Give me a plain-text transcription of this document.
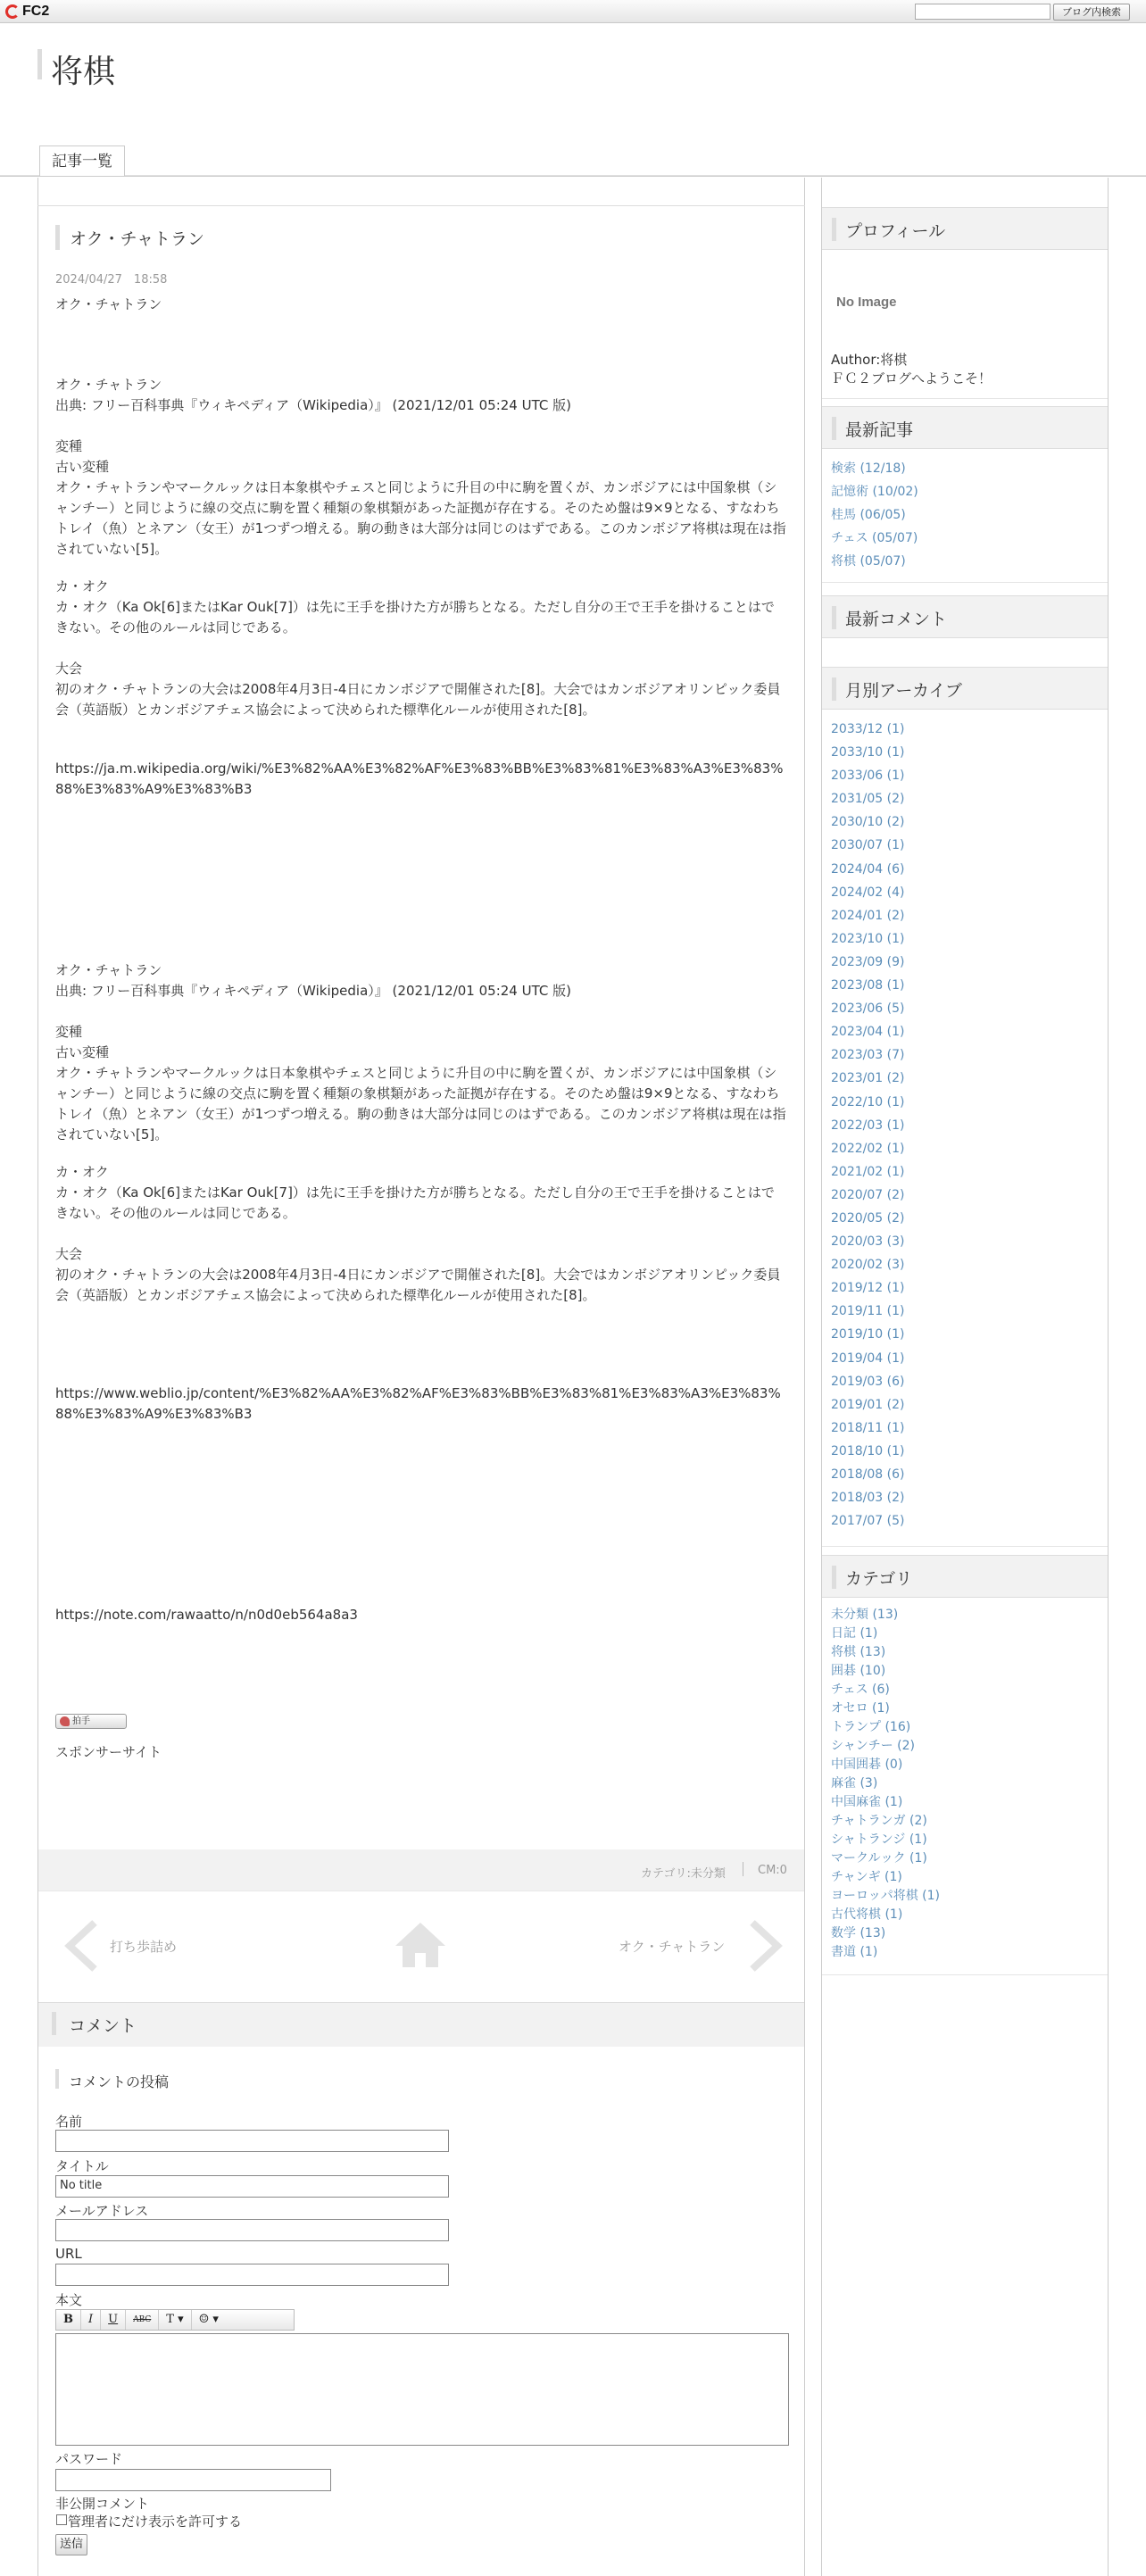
FC2	ブログ内検索
将棋
記事一覧
オク・チャトラン
2024/04/27　18:58
オク・チャトラン
オク・チャトラン
出典: フリー百科事典『ウィキペディア（Wikipedia）』 (2021/12/01 05:24 UTC 版)
変種
古い変種
オク・チャトランやマークルックは日本象棋やチェスと同じように升目の中に駒を置くが、カンボジアには中国象棋（シャンチー）と同じように線の交点に駒を置く種類の象棋類があった証拠が存在する。そのため盤は9×9となる、すなわちトレイ（魚）とネアン（女王）が1つずつ増える。駒の動きは大部分は同じのはずである。このカンボジア将棋は現在は指されていない[5]。
カ・オク
カ・オク（Ka Ok[6]またはKar Ouk[7]）は先に王手を掛けた方が勝ちとなる。ただし自分の王で王手を掛けることはできない。その他のルールは同じである。
大会
初のオク・チャトランの大会は2008年4月3日-4日にカンボジアで開催された[8]。大会ではカンボジアオリンピック委員会（英語版）とカンボジアチェス協会によって決められた標準化ルールが使用された[8]。
https://ja.m.wikipedia.org/wiki/%E3%82%AA%E3%82%AF%E3%83%BB%E3%83%81%E3%83%A3%E3%83%88%E3%83%A9%E3%83%B3
オク・チャトラン
出典: フリー百科事典『ウィキペディア（Wikipedia）』 (2021/12/01 05:24 UTC 版)
変種
古い変種
オク・チャトランやマークルックは日本象棋やチェスと同じように升目の中に駒を置くが、カンボジアには中国象棋（シャンチー）と同じように線の交点に駒を置く種類の象棋類があった証拠が存在する。そのため盤は9×9となる、すなわちトレイ（魚）とネアン（女王）が1つずつ増える。駒の動きは大部分は同じのはずである。このカンボジア将棋は現在は指されていない[5]。
カ・オク
カ・オク（Ka Ok[6]またはKar Ouk[7]）は先に王手を掛けた方が勝ちとなる。ただし自分の王で王手を掛けることはできない。その他のルールは同じである。
大会
初のオク・チャトランの大会は2008年4月3日-4日にカンボジアで開催された[8]。大会ではカンボジアオリンピック委員会（英語版）とカンボジアチェス協会によって決められた標準化ルールが使用された[8]。
https://www.weblio.jp/content/%E3%82%AA%E3%82%AF%E3%83%BB%E3%83%81%E3%83%A3%E3%83%88%E3%83%A9%E3%83%B3
https://note.com/rawaatto/n/n0d0eb564a8a3
拍手
スポンサーサイト
カテゴリ:未分類	CM:0
打ち歩詰め	オク・チャトラン
コメント
コメントの投稿
名前
タイトル
No title
メールアドレス
URL
本文
B	I	U	ABC	T ▾	☺ ▾
パスワード
非公開コメント
管理者にだけ表示を許可する
送信
プロフィール
No Image
Author:将棋
ＦＣ２ブログへようこそ！
最新記事
検索 (12/18)
記憶術 (10/02)
桂馬 (06/05)
チェス (05/07)
将棋 (05/07)
最新コメント
月別アーカイブ
2033/12 (1)
2033/10 (1)
2033/06 (1)
2031/05 (2)
2030/10 (2)
2030/07 (1)
2024/04 (6)
2024/02 (4)
2024/01 (2)
2023/10 (1)
2023/09 (9)
2023/08 (1)
2023/06 (5)
2023/04 (1)
2023/03 (7)
2023/01 (2)
2022/10 (1)
2022/03 (1)
2022/02 (1)
2021/02 (1)
2020/07 (2)
2020/05 (2)
2020/03 (3)
2020/02 (3)
2019/12 (1)
2019/11 (1)
2019/10 (1)
2019/04 (1)
2019/03 (6)
2019/01 (2)
2018/11 (1)
2018/10 (1)
2018/08 (6)
2018/03 (2)
2017/07 (5)
カテゴリ
未分類 (13)
日記 (1)
将棋 (13)
囲碁 (10)
チェス (6)
オセロ (1)
トランプ (16)
シャンチー (2)
中国囲碁 (0)
麻雀 (3)
中国麻雀 (1)
チャトランガ (2)
シャトランジ (1)
マークルック (1)
チャンギ (1)
ヨーロッパ将棋 (1)
古代将棋 (1)
数学 (13)
書道 (1)
